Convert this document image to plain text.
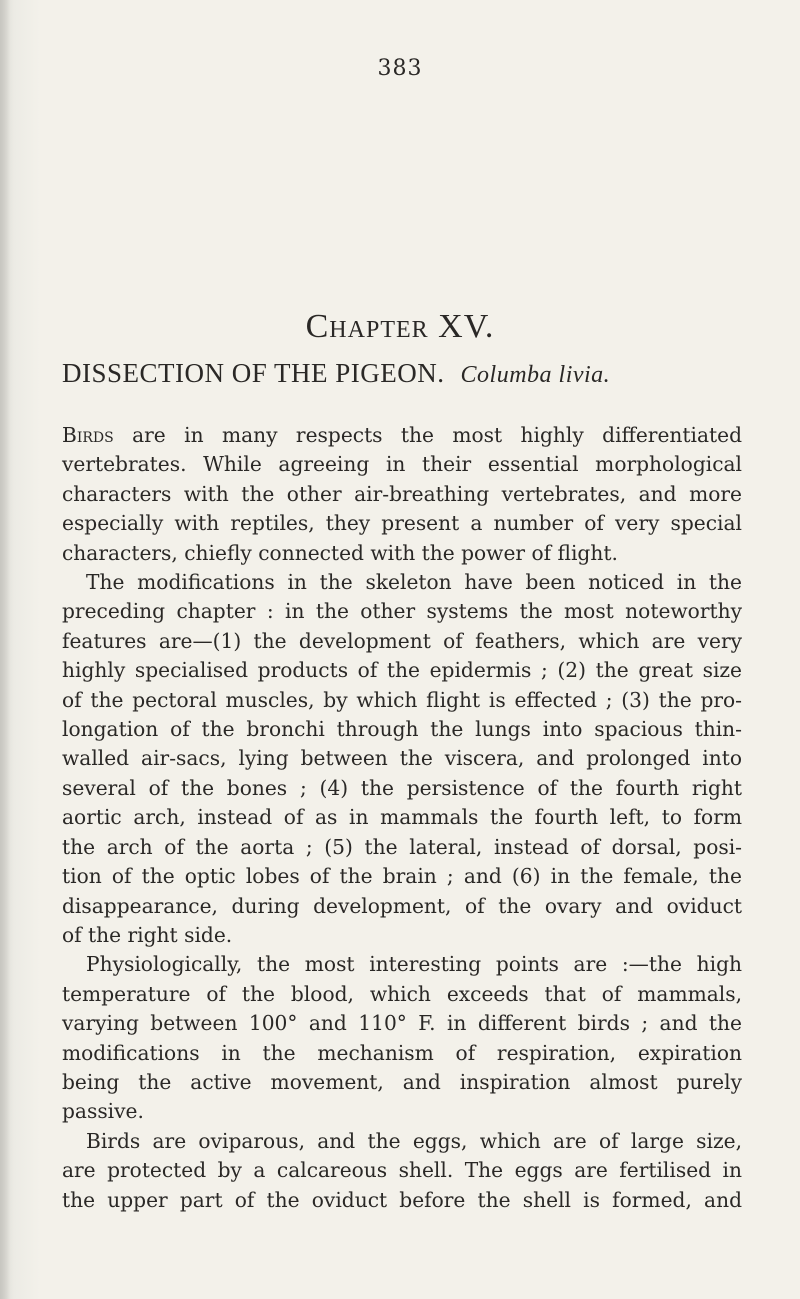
383
Chapter XV.
DISSECTION OF THE PIGEON. Columba livia.
Birds are in many respects the most highly differentiated
vertebrates. While agreeing in their essential morphological
characters with the other air-breathing vertebrates, and more
especially with reptiles, they present a number of very special
characters, chiefly connected with the power of flight.
The modifications in the skeleton have been noticed in the
preceding chapter : in the other systems the most noteworthy
features are—(1) the development of feathers, which are very
highly specialised products of the epidermis ; (2) the great size
of the pectoral muscles, by which flight is effected ; (3) the pro-
longation of the bronchi through the lungs into spacious thin-
walled air-sacs, lying between the viscera, and prolonged into
several of the bones ; (4) the persistence of the fourth right
aortic arch, instead of as in mammals the fourth left, to form
the arch of the aorta ; (5) the lateral, instead of dorsal, posi-
tion of the optic lobes of the brain ; and (6) in the female, the
disappearance, during development, of the ovary and oviduct
of the right side.
Physiologically, the most interesting points are :—the high
temperature of the blood, which exceeds that of mammals,
varying between 100° and 110° F. in different birds ; and the
modifications in the mechanism of respiration, expiration
being the active movement, and inspiration almost purely
passive.
Birds are oviparous, and the eggs, which are of large size,
are protected by a calcareous shell. The eggs are fertilised in
the upper part of the oviduct before the shell is formed, and
